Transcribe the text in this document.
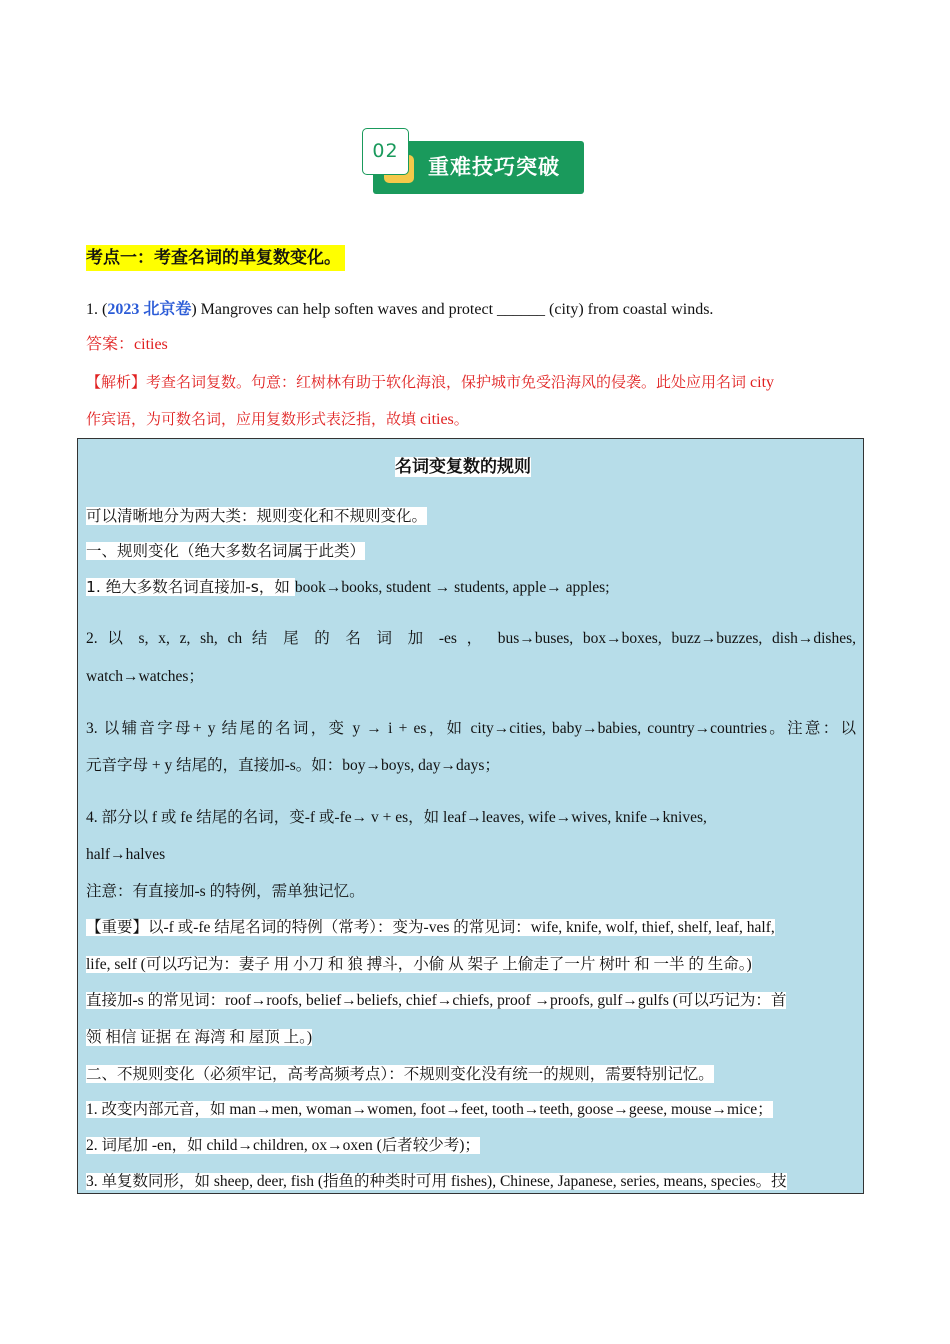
02
重难技巧突破
考点一：考查名词的单复数变化。
1. (2023 北京卷) Mangroves can help soften waves and protect ______ (city) from coastal winds.
答案：cities
【解析】考查名词复数。句意：红树林有助于软化海浪，保护城市免受沿海风的侵袭。此处应用名词 city
作宾语，为可数名词，应用复数形式表泛指，故填 cities。
名词变复数的规则
可以清晰地分为两大类：规则变化和不规则变化。
一、规则变化（绝大多数名词属于此类）
1. 绝大多数名词直接加-s，如 book→books, student → students, apple→ apples;
2. 以 s, x, z, sh, ch 结 尾 的 名 词 加 -es ， bus→buses, box→boxes, buzz→buzzes, dish→dishes,
watch→watches；
3. 以辅音字母+ y 结尾的名词，变 y → i + es，如 city→cities, baby→babies, country→countries。注意：以
元音字母 + y 结尾的，直接加-s。如：boy→boys, day→days；
4. 部分以 f 或 fe 结尾的名词，变-f 或-fe→ v + es，如 leaf→leaves, wife→wives, knife→knives,
half→halves
注意：有直接加-s 的特例，需单独记忆。
【重要】以-f 或-fe 结尾名词的特例（常考）：变为-ves 的常见词：wife, knife, wolf, thief, shelf, leaf, half,
life, self (可以巧记为：妻子 用 小刀 和 狼 搏斗，小偷 从 架子 上偷走了一片 树叶 和 一半 的 生命。)
直接加-s 的常见词：roof→roofs, belief→beliefs, chief→chiefs, proof →proofs, gulf→gulfs (可以巧记为：首
领 相信 证据 在 海湾 和 屋顶 上。)
二、不规则变化（必须牢记，高考高频考点）：不规则变化没有统一的规则，需要特别记忆。
1. 改变内部元音，如 man→men, woman→women, foot→feet, tooth→teeth, goose→geese, mouse→mice；
2. 词尾加 -en，如 child→children, ox→oxen (后者较少考)；
3. 单复数同形，如 sheep, deer, fish (指鱼的种类时可用 fishes), Chinese, Japanese, series, means, species。技
